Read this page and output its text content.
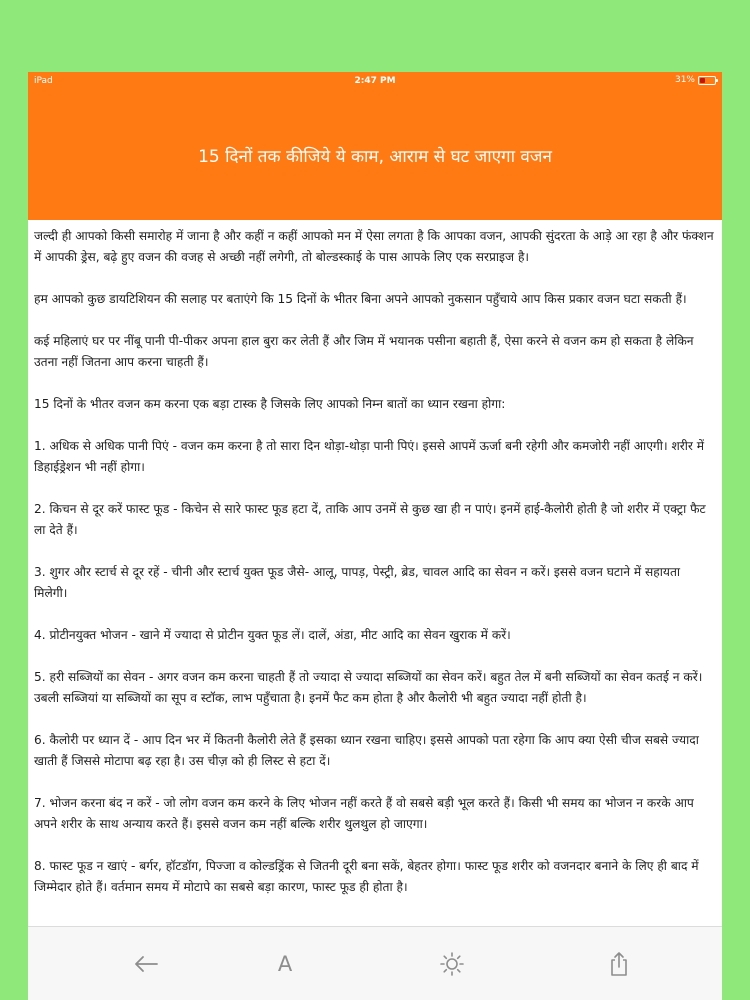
iPad	2:47 PM	31%
15 दिनों तक कीजिये ये काम, आराम से घट जाएगा वजन

जल्दी ही आपको किसी समारोह में जाना है और कहीं न कहीं आपको मन में ऐसा लगता है कि आपका वजन, आपकी सुंदरता के आड़े आ रहा है और फंक्शन में आपकी ड्रेस, बढ़े हुए वजन की वजह से अच्छी नहीं लगेगी, तो बोल्डस्काई के पास आपके लिए एक सरप्राइज है।

हम आपको कुछ डायटिशियन की सलाह पर बताएंगे कि 15 दिनों के भीतर बिना अपने आपको नुकसान पहुँचाये आप किस प्रकार वजन घटा सकती हैं।

कई महिलाएं घर पर नींबू पानी पी-पीकर अपना हाल बुरा कर लेती हैं और जिम में भयानक पसीना बहाती हैं, ऐसा करने से वजन कम हो सकता है लेकिन उतना नहीं जितना आप करना चाहती हैं।

15 दिनों के भीतर वजन कम करना एक बड़ा टास्क है जिसके लिए आपको निम्न बातों का ध्यान रखना होगा:

1. अधिक से अधिक पानी पिएं - वजन कम करना है तो सारा दिन थोड़ा-थोड़ा पानी पिएं। इससे आपमें ऊर्जा बनी रहेगी और कमजोरी नहीं आएगी। शरीर में डिहाईड्रेशन भी नहीं होगा।

2. किचन से दूर करें फास्ट फूड - किचेन से सारे फास्ट फूड हटा दें, ताकि आप उनमें से कुछ खा ही न पाएं। इनमें हाई-कैलोरी होती है जो शरीर में एक्ट्रा फैट ला देते हैं।

3. शुगर और स्टार्च से दूर रहें - चीनी और स्टार्च युक्त फूड जैसे- आलू, पापड़, पेस्ट्री, ब्रेड, चावल आदि का सेवन न करें। इससे वजन घटाने में सहायता मिलेगी।

4. प्रोटीनयुक्त भोजन - खाने में ज्यादा से प्रोटीन युक्त फूड लें। दालें, अंडा, मीट आदि का सेवन खुराक में करें।

5. हरी सब्जियों का सेवन - अगर वजन कम करना चाहती हैं तो ज्यादा से ज्यादा सब्जियों का सेवन करें। बहुत तेल में बनी सब्जियों का सेवन कतई न करें। उबली सब्जियां या सब्जियों का सूप व स्टॉक, लाभ पहुँचाता है। इनमें फैट कम होता है और कैलोरी भी बहुत ज्यादा नहीं होती है।

6. कैलोरी पर ध्यान दें - आप दिन भर में कितनी कैलोरी लेते हैं इसका ध्यान रखना चाहिए। इससे आपको पता रहेगा कि आप क्या ऐसी चीज सबसे ज्यादा खाती हैं जिससे मोटापा बढ़ रहा है। उस चीज़ को ही लिस्ट से हटा दें।

7. भोजन करना बंद न करें - जो लोग वजन कम करने के लिए भोजन नहीं करते हैं वो सबसे बड़ी भूल करते हैं। किसी भी समय का भोजन न करके आप अपने शरीर के साथ अन्याय करते हैं। इससे वजन कम नहीं बल्कि शरीर थुलथुल हो जाएगा।

8. फास्ट फूड न खाएं - बर्गर, हॉटडॉग, पिज्जा व कोल्डड्रिंक से जितनी दूरी बना सकें, बेहतर होगा। फास्ट फूड शरीर को वजनदार बनाने के लिए ही बाद में जिम्मेदार होते हैं। वर्तमान समय में मोटापे का सबसे बड़ा कारण, फास्ट फूड ही होता है।

A
